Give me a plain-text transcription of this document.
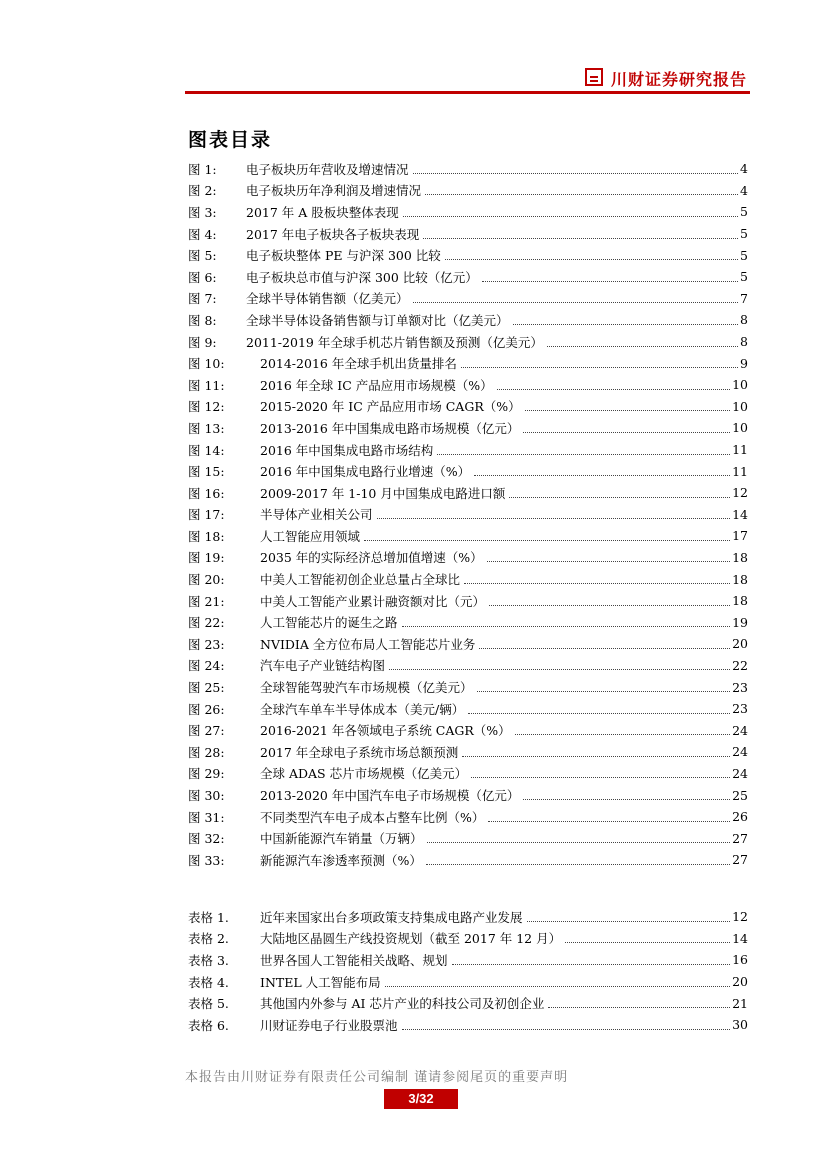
川财证券研究报告
图表目录
图 1:	电子板块历年营收及增速情况	4
图 2:	电子板块历年净利润及增速情况	4
图 3:	2017 年 A 股板块整体表现	5
图 4:	2017 年电子板块各子板块表现	5
图 5:	电子板块整体 PE 与沪深 300 比较	5
图 6:	电子板块总市值与沪深 300 比较（亿元）	5
图 7:	全球半导体销售额（亿美元）	7
图 8:	全球半导体设备销售额与订单额对比（亿美元）	8
图 9:	2011-2019 年全球手机芯片销售额及预测（亿美元）	8
图 10:	2014-2016 年全球手机出货量排名	9
图 11:	2016 年全球 IC 产品应用市场规模（%）	10
图 12:	2015-2020 年 IC 产品应用市场 CAGR（%）	10
图 13:	2013-2016 年中国集成电路市场规模（亿元）	10
图 14:	2016 年中国集成电路市场结构	11
图 15:	2016 年中国集成电路行业增速（%）	11
图 16:	2009-2017 年 1-10 月中国集成电路进口额	12
图 17:	半导体产业相关公司	14
图 18:	人工智能应用领域	17
图 19:	2035 年的实际经济总增加值增速（%）	18
图 20:	中美人工智能初创企业总量占全球比	18
图 21:	中美人工智能产业累计融资额对比（元）	18
图 22:	人工智能芯片的诞生之路	19
图 23:	NVIDIA 全方位布局人工智能芯片业务	20
图 24:	汽车电子产业链结构图	22
图 25:	全球智能驾驶汽车市场规模（亿美元）	23
图 26:	全球汽车单车半导体成本（美元/辆）	23
图 27:	2016-2021 年各领域电子系统 CAGR（%）	24
图 28:	2017 年全球电子系统市场总额预测	24
图 29:	全球 ADAS 芯片市场规模（亿美元）	24
图 30:	2013-2020 年中国汽车电子市场规模（亿元）	25
图 31:	不同类型汽车电子成本占整车比例（%）	26
图 32:	中国新能源汽车销量（万辆）	27
图 33:	新能源汽车渗透率预测（%）	27
表格 1.	近年来国家出台多项政策支持集成电路产业发展	12
表格 2.	大陆地区晶圆生产线投资规划（截至 2017 年 12 月）	14
表格 3.	世界各国人工智能相关战略、规划	16
表格 4.	INTEL 人工智能布局	20
表格 5.	其他国内外参与 AI 芯片产业的科技公司及初创企业	21
表格 6.	川财证券电子行业股票池	30
本报告由川财证券有限责任公司编制 谨请参阅尾页的重要声明
3/32
